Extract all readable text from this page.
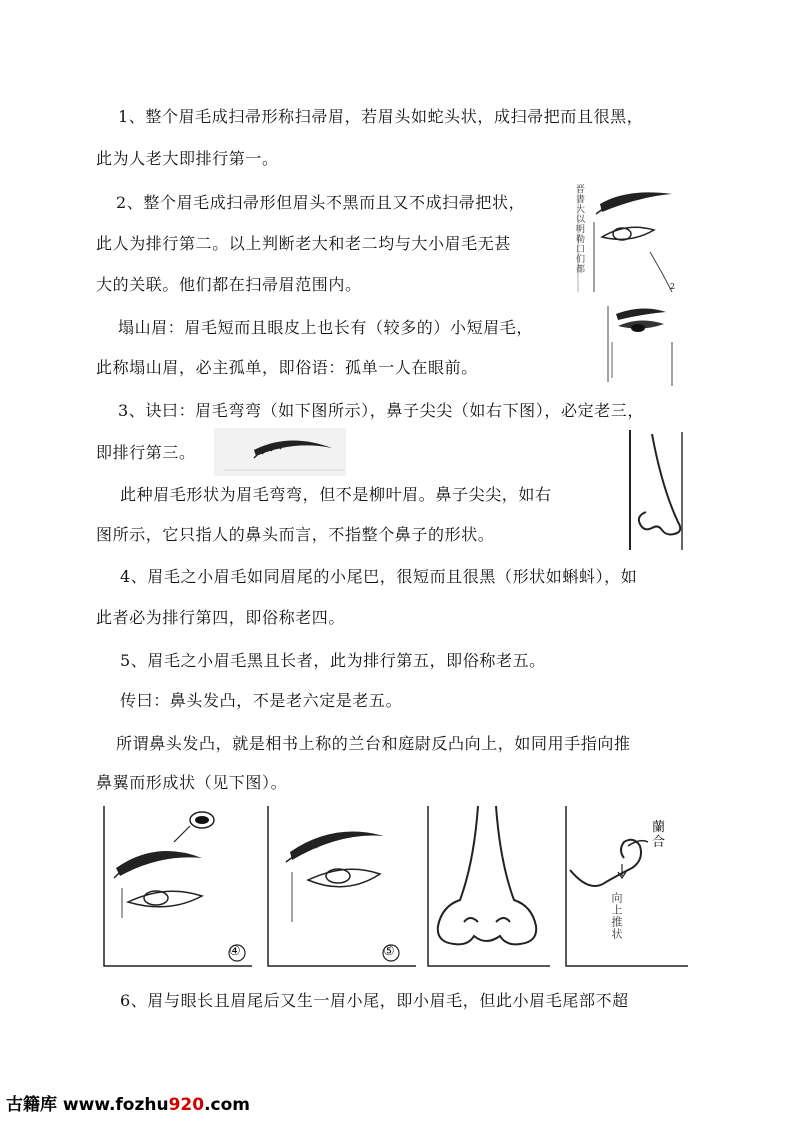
1、整个眉毛成扫帚形称扫帚眉，若眉头如蛇头状，成扫帚把而且很黑，
此为人老大即排行第一。
2、整个眉毛成扫帚形但眉头不黑而且又不成扫帚把状，
此人为排行第二。以上判断老大和老二均与大小眉毛无甚
大的关联。他们都在扫帚眉范围内。
塌山眉：眉毛短而且眼皮上也长有（较多的）小短眉毛，
此称塌山眉，必主孤单，即俗语：孤单一人在眼前。
3、诀曰：眉毛弯弯（如下图所示），鼻子尖尖（如右下图），必定老三，
即排行第三。
此种眉毛形状为眉毛弯弯，但不是柳叶眉。鼻子尖尖，如右
图所示，它只指人的鼻头而言，不指整个鼻子的形状。
4、眉毛之小眉毛如同眉尾的小尾巴，很短而且很黑（形状如蝌蚪），如
此者必为排行第四，即俗称老四。
5、眉毛之小眉毛黑且长者，此为排行第五，即俗称老五。
传曰：鼻头发凸，不是老六定是老五。
所谓鼻头发凸，就是相书上称的兰台和庭尉反凸向上，如同用手指向推
鼻翼而形成状（见下图）。
6、眉与眼长且眉尾后又生一眉小尾，即小眉毛，但此小眉毛尾部不超
晋書大以明勒口们都
2
④	⑤
蘭合
向上推状
古籍库 www.fozhu920.com
